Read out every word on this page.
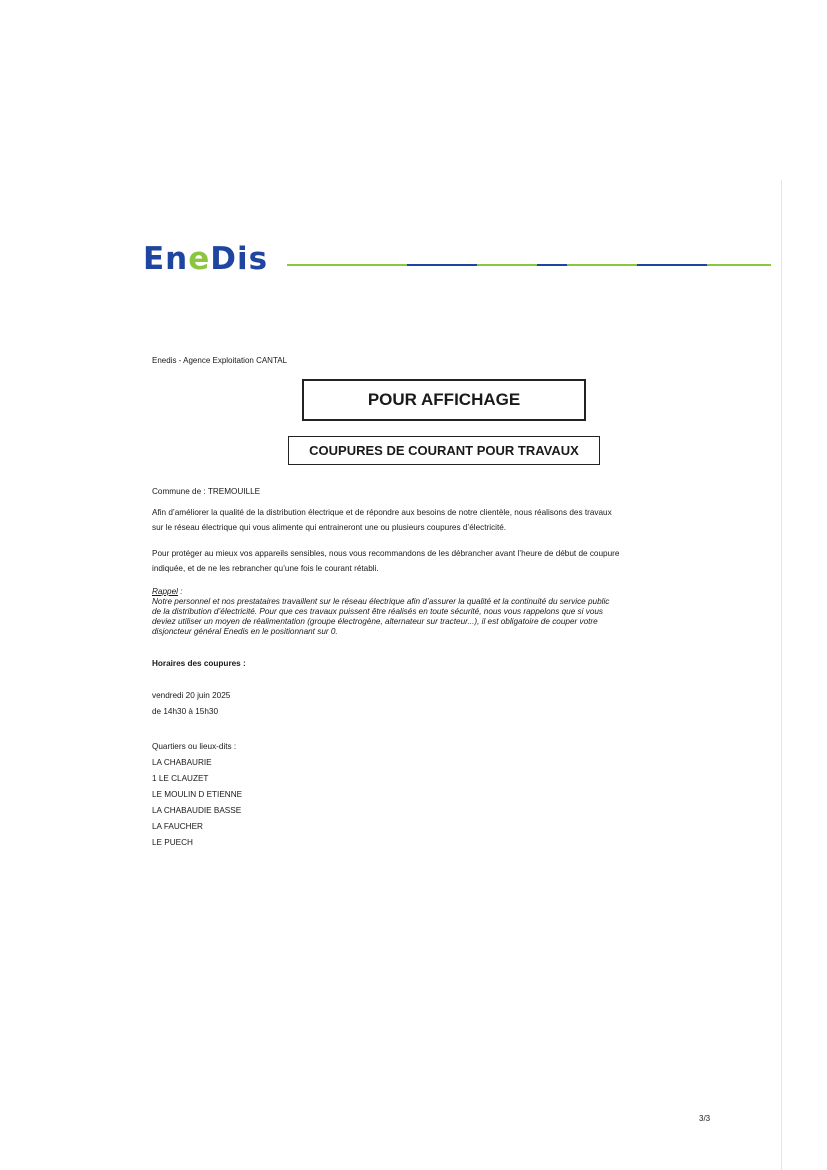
EneDis
Enedis - Agence Exploitation CANTAL
POUR AFFICHAGE
COUPURES DE COURANT POUR TRAVAUX
Commune de : TREMOUILLE
Afin d’améliorer la qualité de la distribution électrique et de répondre aux besoins de notre clientèle, nous réalisons des travaux
sur le réseau électrique qui vous alimente qui entraineront une ou plusieurs coupures d’électricité.
Pour protéger au mieux vos appareils sensibles, nous vous recommandons de les débrancher avant l’heure de début de coupure
indiquée, et de ne les rebrancher qu’une fois le courant rétabli.
Rappel :
Notre personnel et nos prestataires travaillent sur le réseau électrique afin d’assurer la qualité et la continuité du service public
de la distribution d’électricité. Pour que ces travaux puissent être réalisés en toute sécurité, nous vous rappelons que si vous
deviez utiliser un moyen de réalimentation (groupe électrogène, alternateur sur tracteur...), il est obligatoire de couper votre
disjoncteur général Enedis en le positionnant sur 0.
Horaires des coupures :
vendredi 20 juin 2025
de 14h30 à 15h30
Quartiers ou lieux-dits :
LA CHABAURIE
1 LE CLAUZET
LE MOULIN D ETIENNE
LA CHABAUDIE BASSE
LA FAUCHER
LE PUECH
3/3
